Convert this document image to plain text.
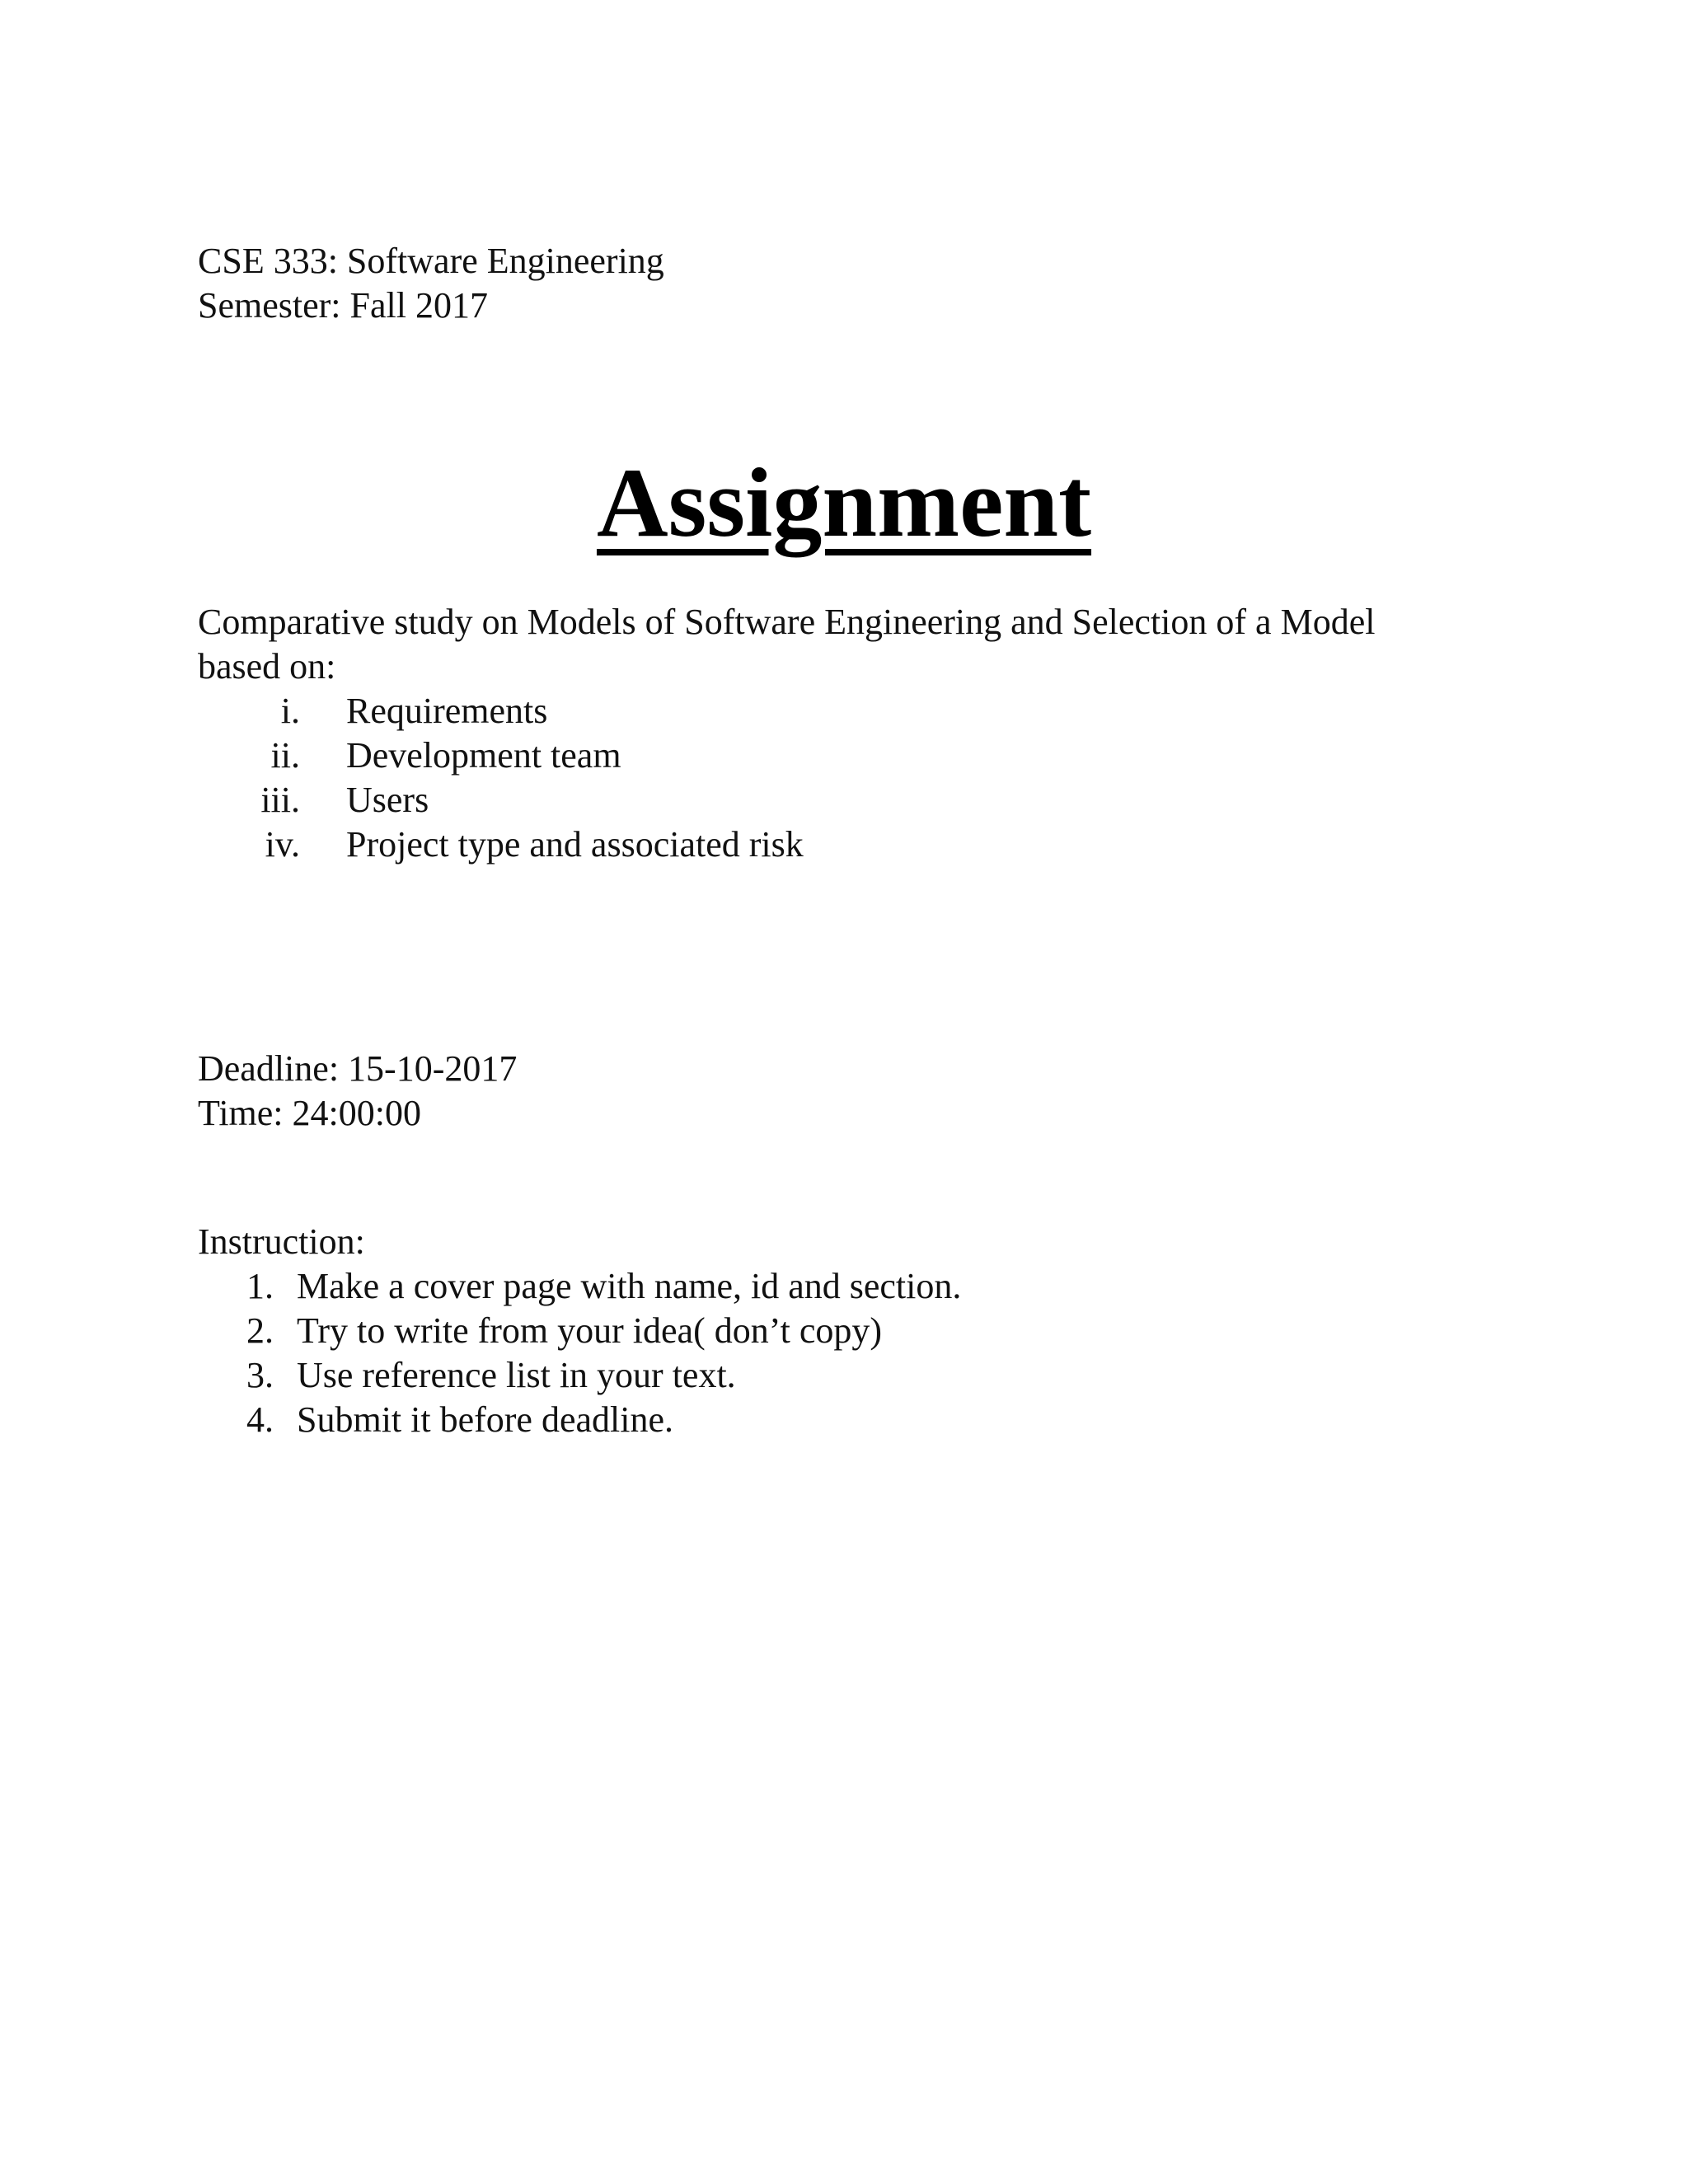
CSE 333: Software Engineering
Semester: Fall 2017
Assignment
Comparative study on Models of Software Engineering and Selection of a Model
based on:
i. Requirements
ii. Development team
iii. Users
iv. Project type and associated risk
Deadline: 15-10-2017
Time: 24:00:00
Instruction:
1. Make a cover page with name, id and section.
2. Try to write from your idea( don’t copy)
3. Use reference list in your text.
4. Submit it before deadline.
